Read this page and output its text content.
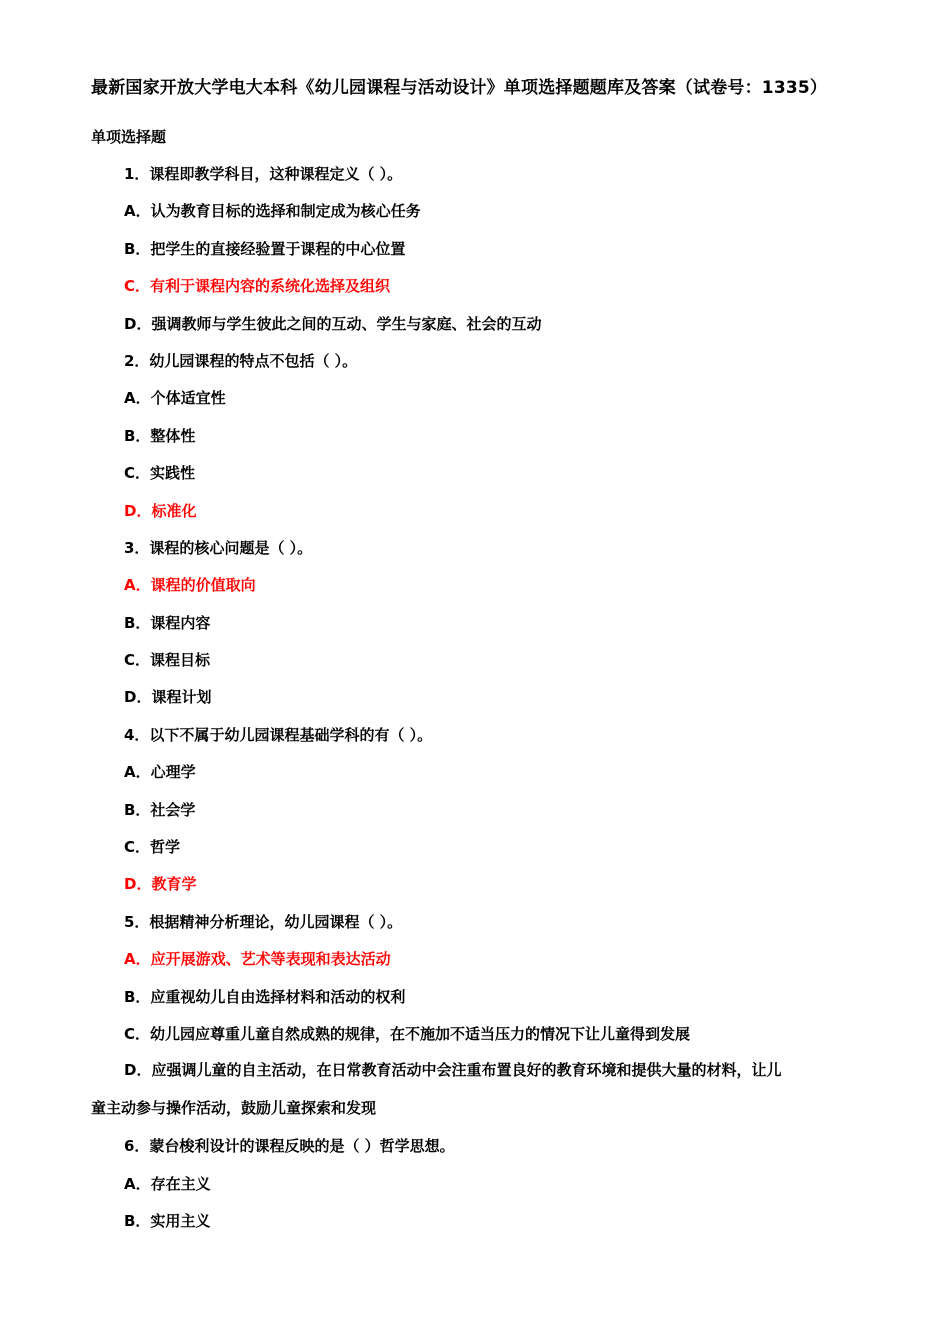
最新国家开放大学电大本科《幼儿园课程与活动设计》单项选择题题库及答案（试卷号：1335）
单项选择题
1．课程即教学科目，这种课程定义（ ）。
A．认为教育目标的选择和制定成为核心任务
B．把学生的直接经验置于课程的中心位置
C．有利于课程内容的系统化选择及组织
D．强调教师与学生彼此之间的互动、学生与家庭、社会的互动
2．幼儿园课程的特点不包括（ ）。
A．个体适宜性
B．整体性
C．实践性
D．标准化
3．课程的核心问题是（ ）。
A．课程的价值取向
B．课程内容
C．课程目标
D．课程计划
4．以下不属于幼儿园课程基础学科的有（ ）。
A．心理学
B．社会学
C．哲学
D．教育学
5．根据精神分析理论，幼儿园课程（ ）。
A．应开展游戏、艺术等表现和表达活动
B．应重视幼儿自由选择材料和活动的权利
C．幼儿园应尊重儿童自然成熟的规律，在不施加不适当压力的情况下让儿童得到发展
D．应强调儿童的自主活动，在日常教育活动中会注重布置良好的教育环境和提供大量的材料，让儿
童主动参与操作活动，鼓励儿童探索和发现
6．蒙台梭利设计的课程反映的是（ ）哲学思想。
A．存在主义
B．实用主义
